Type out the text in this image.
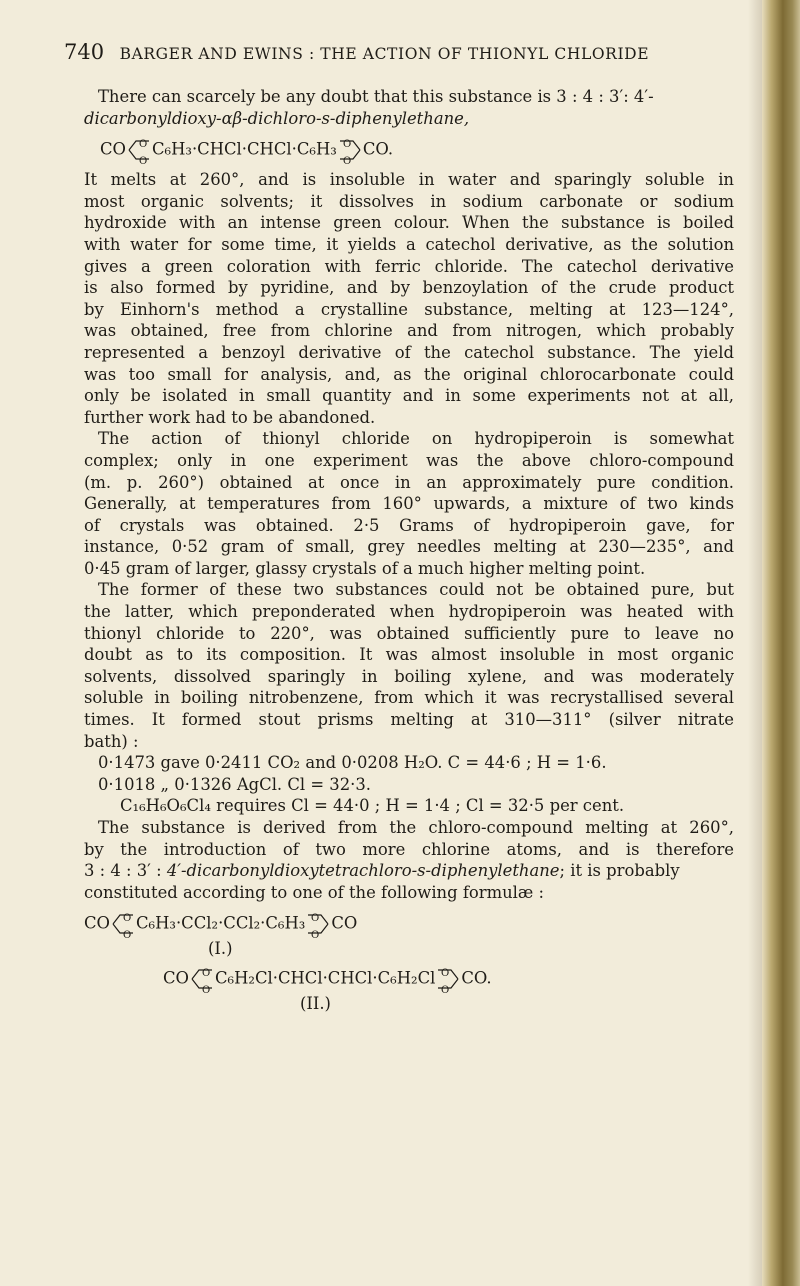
740 BARGER AND EWINS : THE ACTION OF THIONYL CHLORIDE
There can scarcely be any doubt that this substance is 3 : 4 : 3′: 4′-
dicarbonyldioxy-αβ-dichloro-s-diphenylethane,
CO O
O
C₆H₃·CHCl·CHCl·C₆H₃ O
O
CO.
It melts at 260°, and is insoluble in water and sparingly soluble in
most organic solvents; it dissolves in sodium carbonate or sodium
hydroxide with an intense green colour. When the substance is boiled
with water for some time, it yields a catechol derivative, as the solution
gives a green coloration with ferric chloride. The catechol derivative
is also formed by pyridine, and by benzoylation of the crude product
by Einhorn's method a crystalline substance, melting at 123—124°,
was obtained, free from chlorine and from nitrogen, which probably
represented a benzoyl derivative of the catechol substance. The yield
was too small for analysis, and, as the original chlorocarbonate could
only be isolated in small quantity and in some experiments not at all,
further work had to be abandoned.
The action of thionyl chloride on hydropiperoin is somewhat
complex; only in one experiment was the above chloro-compound
(m. p. 260°) obtained at once in an approximately pure condition.
Generally, at temperatures from 160° upwards, a mixture of two kinds
of crystals was obtained. 2·5 Grams of hydropiperoin gave, for
instance, 0·52 gram of small, grey needles melting at 230—235°, and
0·45 gram of larger, glassy crystals of a much higher melting point.
The former of these two substances could not be obtained pure, but
the latter, which preponderated when hydropiperoin was heated with
thionyl chloride to 220°, was obtained sufficiently pure to leave no
doubt as to its composition. It was almost insoluble in most organic
solvents, dissolved sparingly in boiling xylene, and was moderately
soluble in boiling nitrobenzene, from which it was recrystallised several
times. It formed stout prisms melting at 310—311° (silver nitrate
bath) :
0·1473 gave 0·2411 CO₂ and 0·0208 H₂O. C = 44·6 ; H = 1·6.
0·1018 „ 0·1326 AgCl. Cl = 32·3.
C₁₆H₆O₆Cl₄ requires Cl = 44·0 ; H = 1·4 ; Cl = 32·5 per cent.
The substance is derived from the chloro-compound melting at 260°,
by the introduction of two more chlorine atoms, and is therefore
3 : 4 : 3′ : 4′-dicarbonyldioxytetrachloro-s-diphenylethane; it is probably
constituted according to one of the following formulæ :
CO O
O
C₆H₃·CCl₂·CCl₂·C₆H₃ O
O
CO
(I.)
CO O
O
C₆H₂Cl·CHCl·CHCl·C₆H₂Cl O
O
CO.
(II.)
